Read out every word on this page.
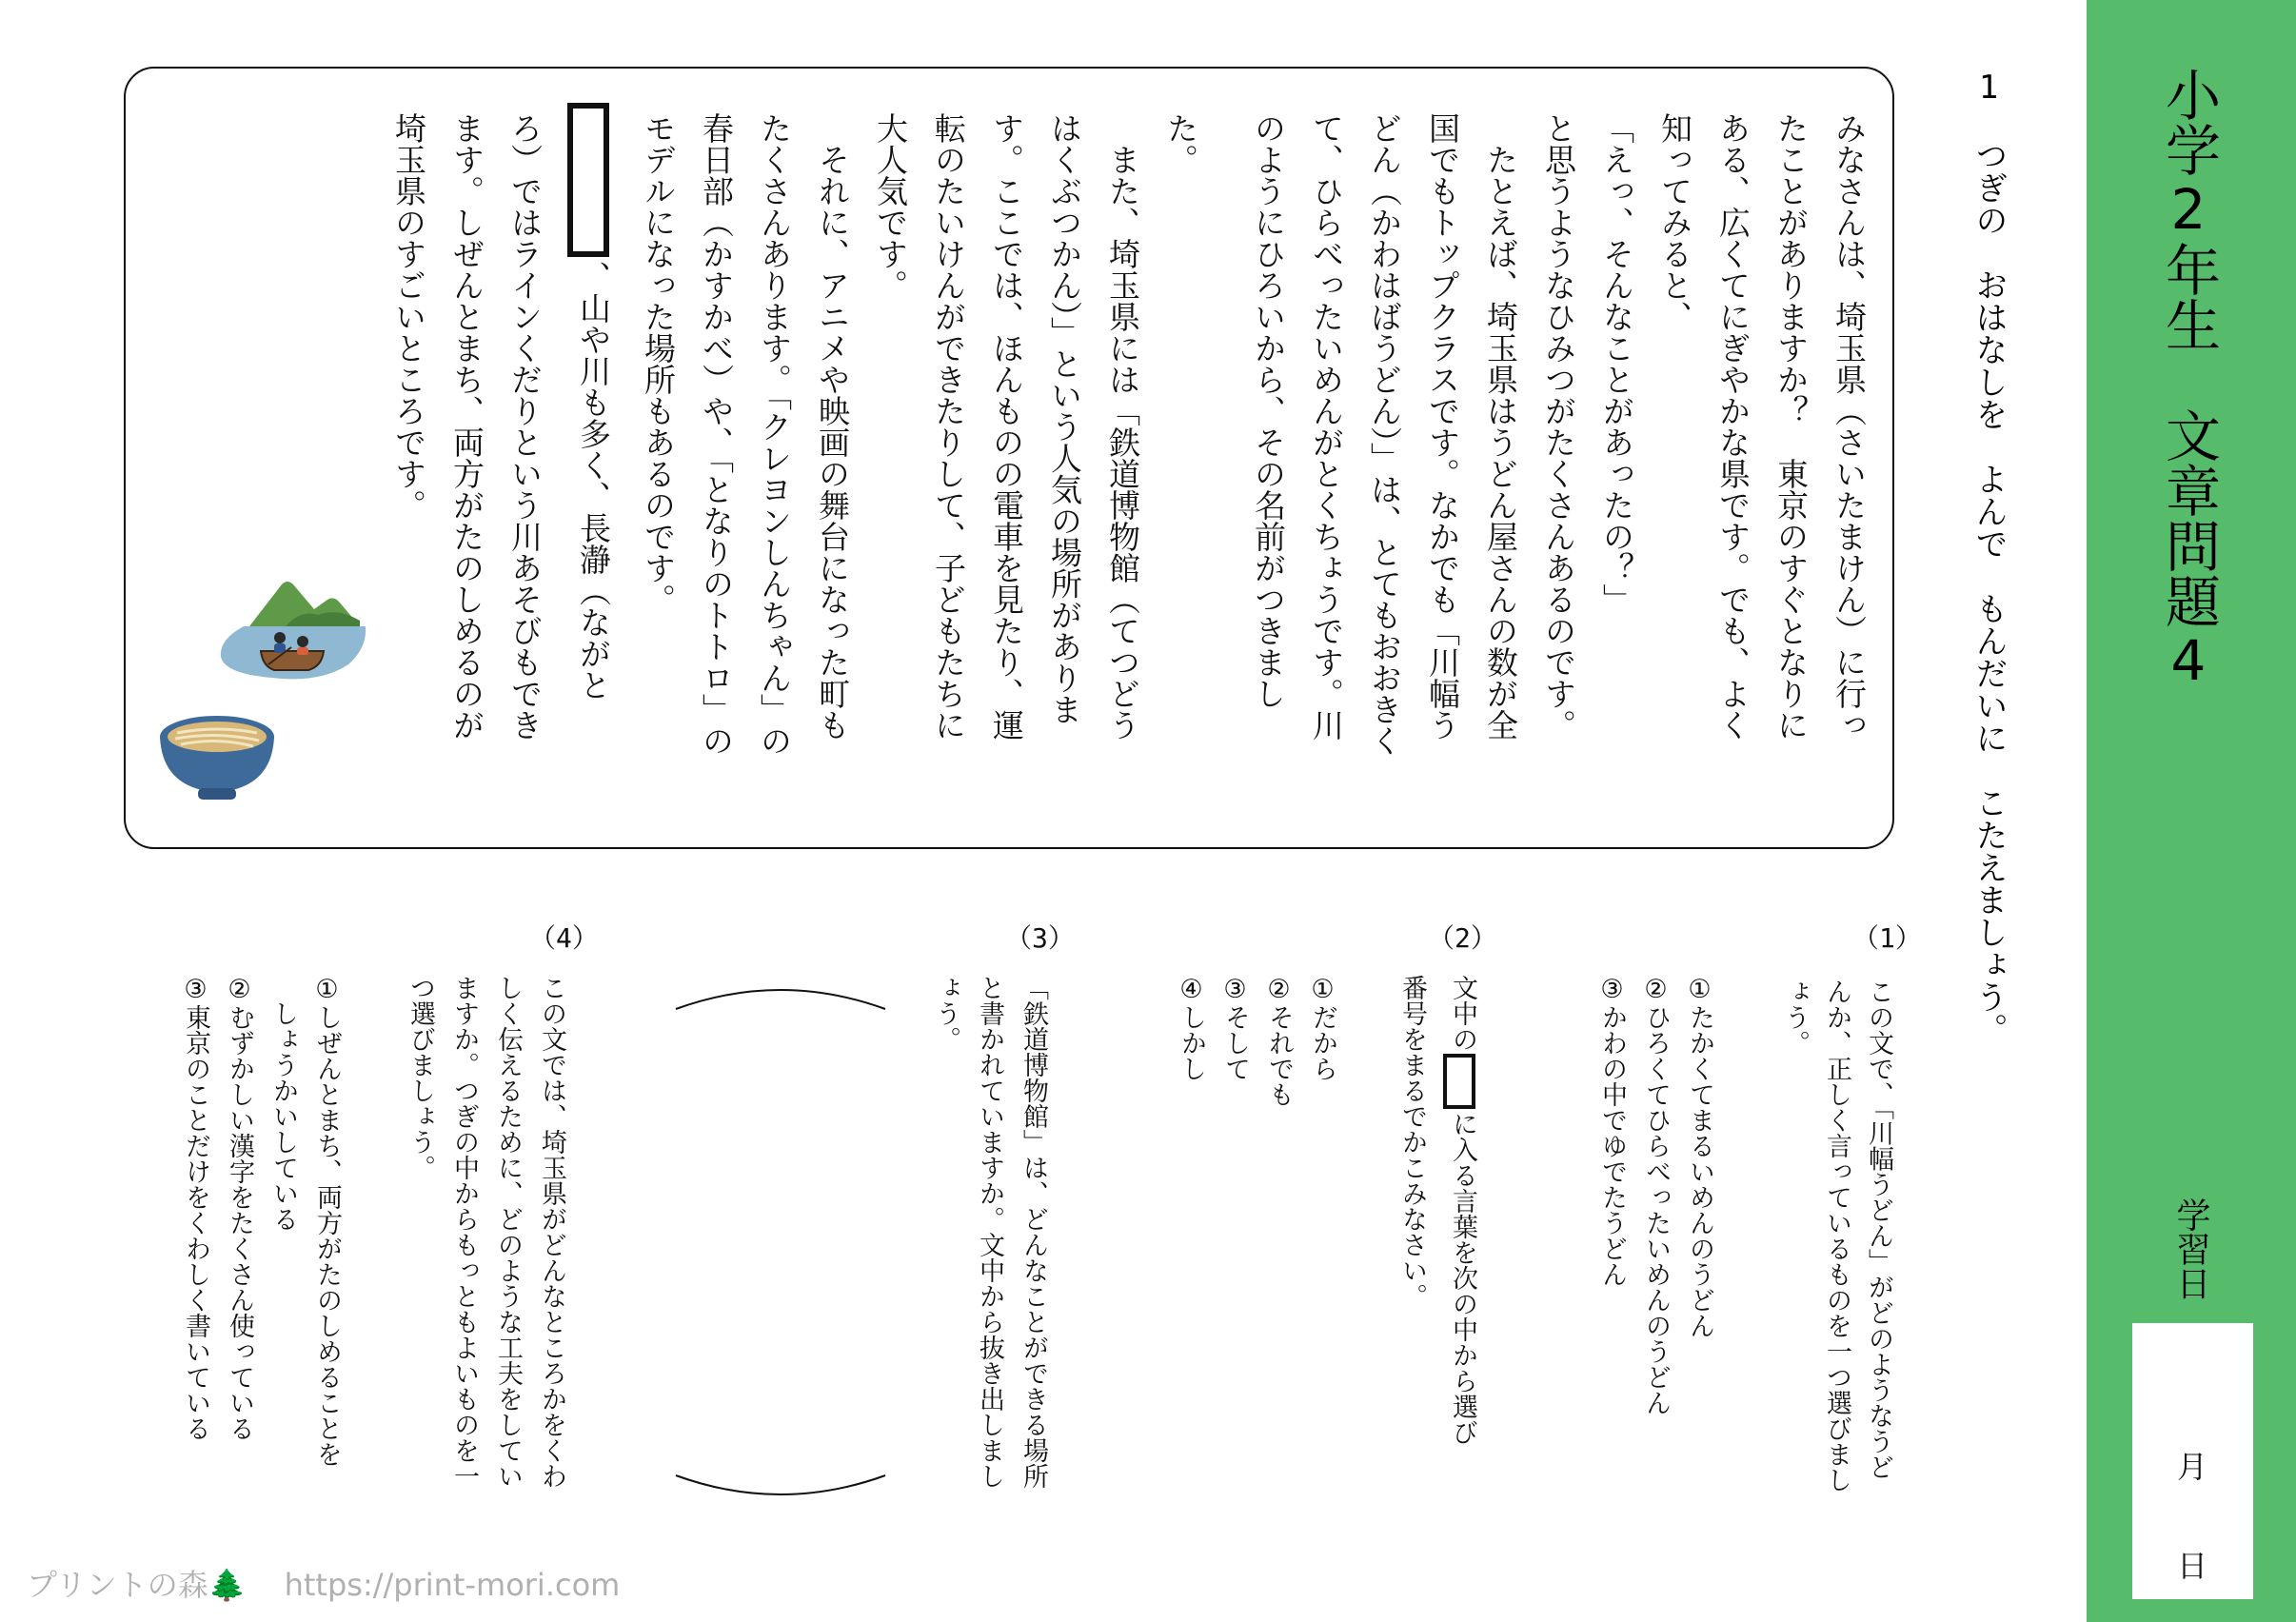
小学2年生　文章問題4
学習日
月
日
1　つぎの　おはなしを　よんで　もんだいに　こたえましょう。
みなさんは、埼玉県（さいたまけん）に行っ
たことがありますか？　東京のすぐとなりに
ある、広くてにぎやかな県です。でも、よく
知ってみると、
「えっ、そんなことがあったの？」
と思うようなひみつがたくさんあるのです。
　たとえば、埼玉県はうどん屋さんの数が全
国でもトップクラスです。なかでも「川幅う
どん（かわはばうどん）」は、とてもおおきく
て、ひらべったいめんがとくちょうです。川
のようにひろいから、その名前がつきまし
た。
　また、埼玉県には「鉄道博物館（てつどう
はくぶつかん）」という人気の場所がありま
す。ここでは、ほんものの電車を見たり、運
転のたいけんができたりして、子どもたちに
大人気です。
　それに、アニメや映画の舞台になった町も
たくさんあります。「クレヨンしんちゃん」の
春日部（かすかべ）や、「となりのトトロ」の
モデルになった場所もあるのです。
、山や川も多く、長瀞（ながと
ろ）ではラインくだりという川あそびもでき
ます。しぜんとまち、両方がたのしめるのが
埼玉県のすごいところです。
（1）
この文で、「川幅うどん」がどのようなうど
んか、正しく言っているものを一つ選びまし
ょう。
①たかくてまるいめんのうどん
②ひろくてひらべったいめんのうどん
③かわの中でゆでたうどん
（2）
文中のに入る言葉を次の中から選び
番号をまるでかこみなさい。
①だから
②それでも
③そして
④しかし
（3）
「鉄道博物館」は、どんなことができる場所
と書かれていますか。文中から抜き出しまし
ょう。
（4）
この文では、埼玉県がどんなところかをくわ
しく伝えるために、どのような工夫をしてい
ますか。つぎの中からもっともよいものを一
つ選びましょう。
①しぜんとまち、両方がたのしめることを
　しょうかいしている
②むずかしい漢字をたくさん使っている
③東京のことだけをくわしく書いている
プリントの森🌲 https://print-mori.com
